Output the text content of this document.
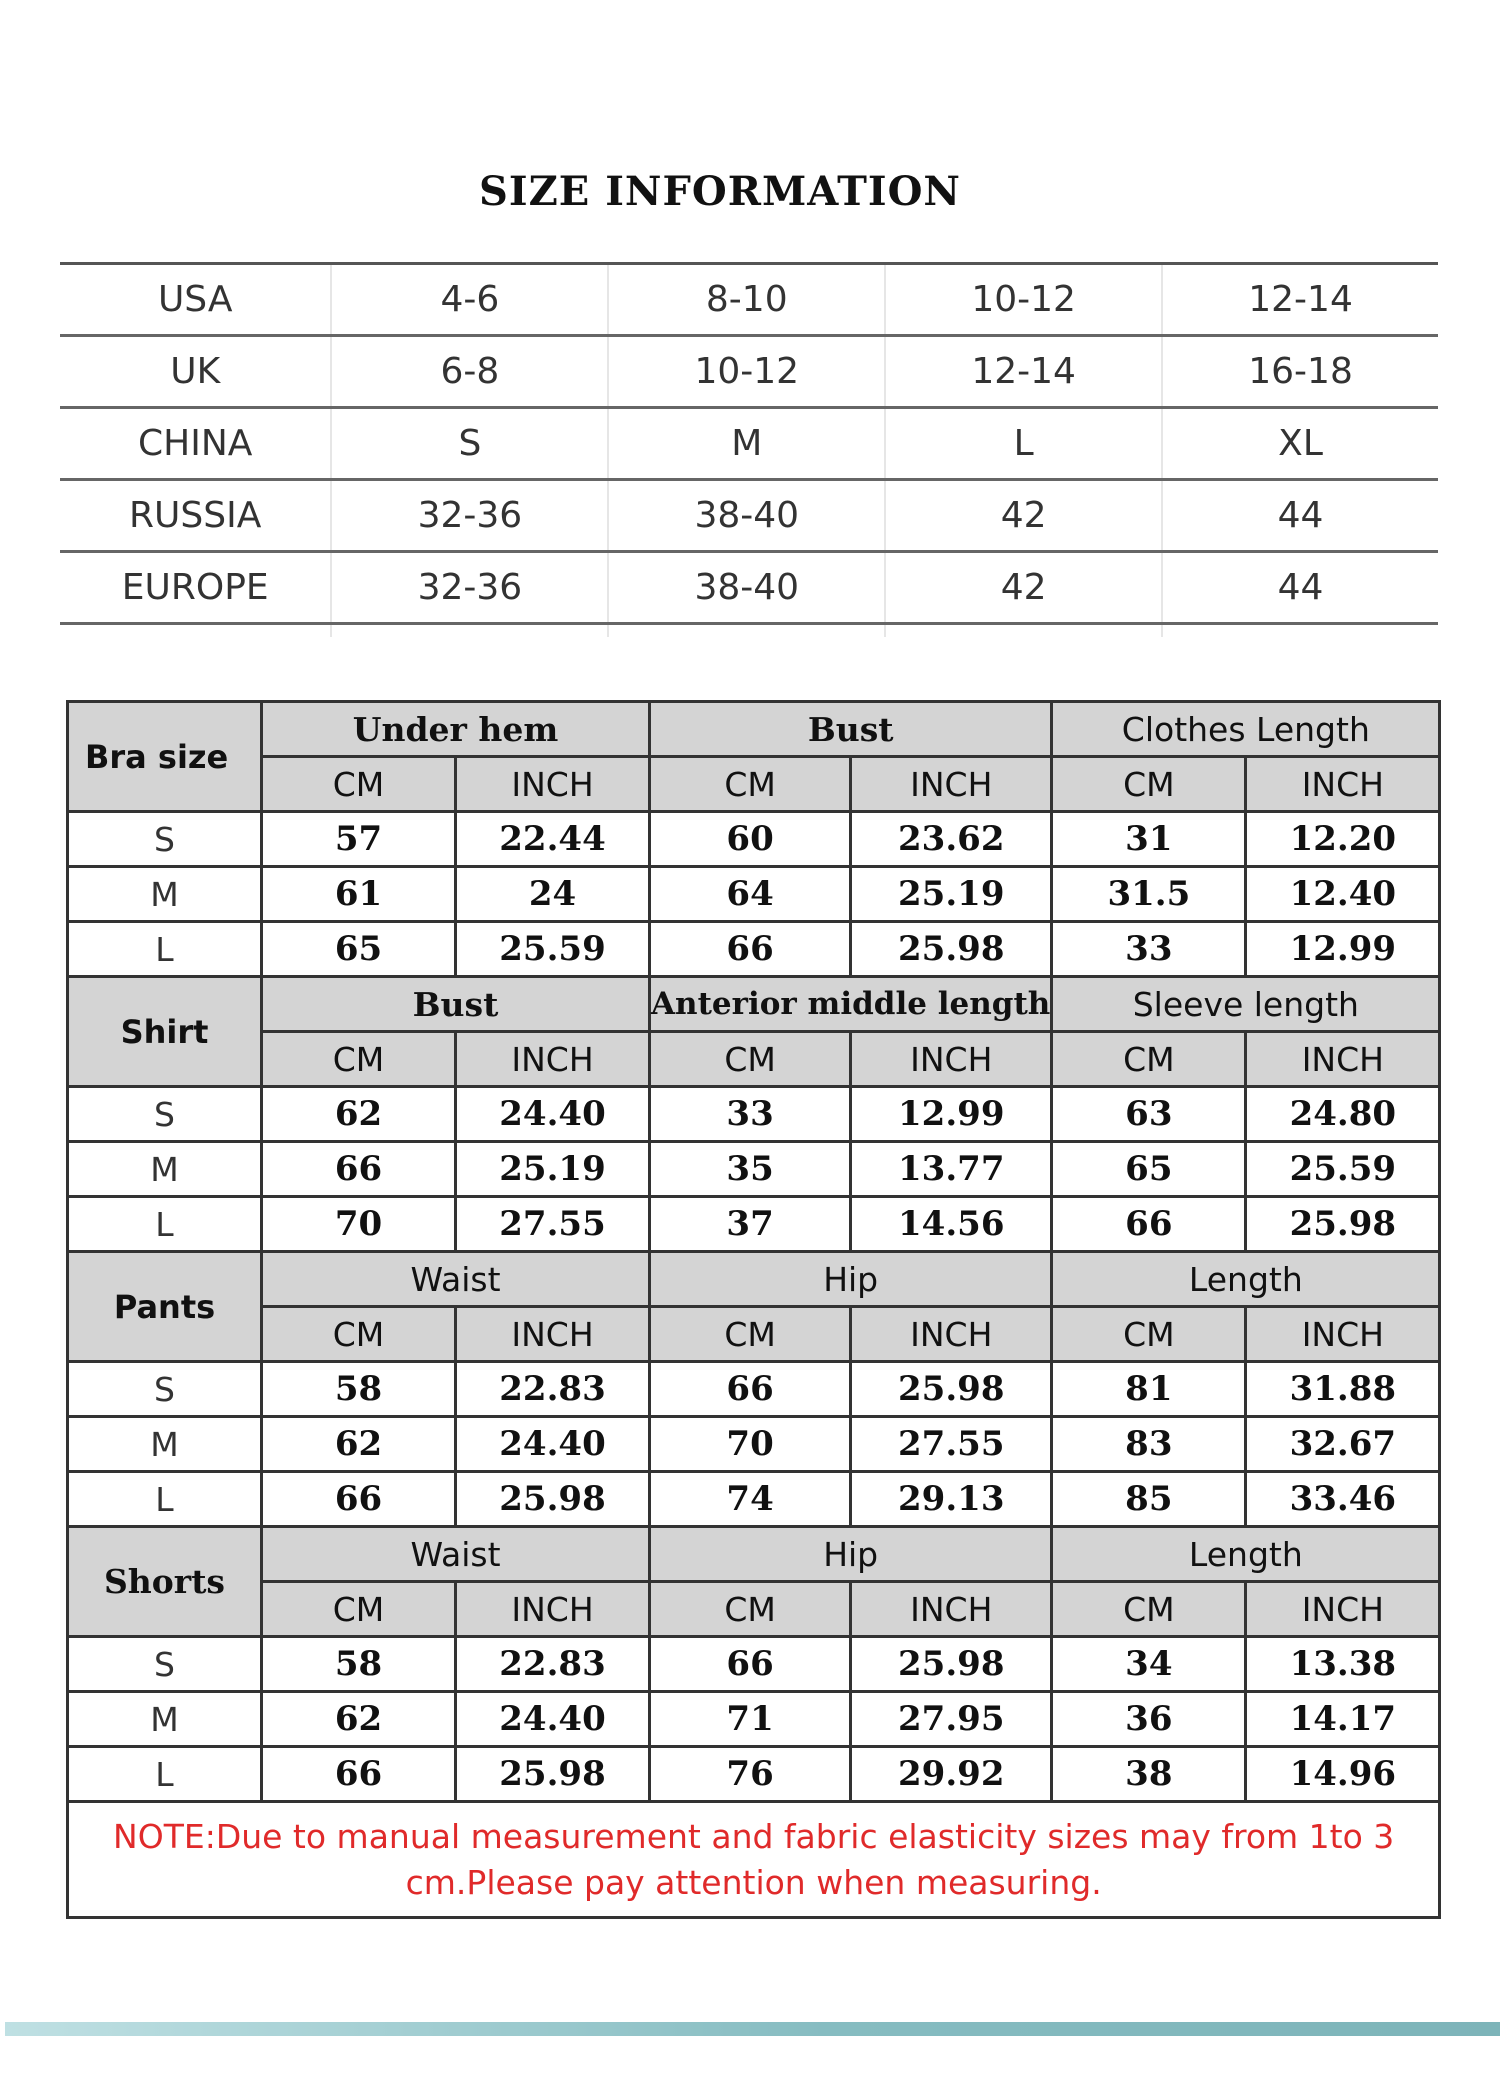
SIZE INFORMATION
USA	4-6	8-10	10-12	12-14
UK	6-8	10-12	12-14	16-18
CHINA	S	M	L	XL
RUSSIA	32-36	38-40	42	44
EUROPE	32-36	38-40	42	44
Bra size	Under hem		Bust		Clothes Length	
	CM	INCH	CM	INCH	CM	INCH
S	57	22.44	60	23.62	31	12.20
M	61	24	64	25.19	31.5	12.40
L	65	25.59	66	25.98	33	12.99
Shirt	Bust		Anterior middle length		Sleeve length	
	CM	INCH	CM	INCH	CM	INCH
S	62	24.40	33	12.99	63	24.80
M	66	25.19	35	13.77	65	25.59
L	70	27.55	37	14.56	66	25.98
Pants	Waist		Hip		Length	
	CM	INCH	CM	INCH	CM	INCH
S	58	22.83	66	25.98	81	31.88
M	62	24.40	70	27.55	83	32.67
L	66	25.98	74	29.13	85	33.46
Shorts	Waist		Hip		Length	
	CM	INCH	CM	INCH	CM	INCH
S	58	22.83	66	25.98	34	13.38
M	62	24.40	71	27.95	36	14.17
L	66	25.98	76	29.92	38	14.96

NOTE:Due to manual measurement and fabric elasticity sizes may from 1to 3
cm.Please pay attention when measuring.						
